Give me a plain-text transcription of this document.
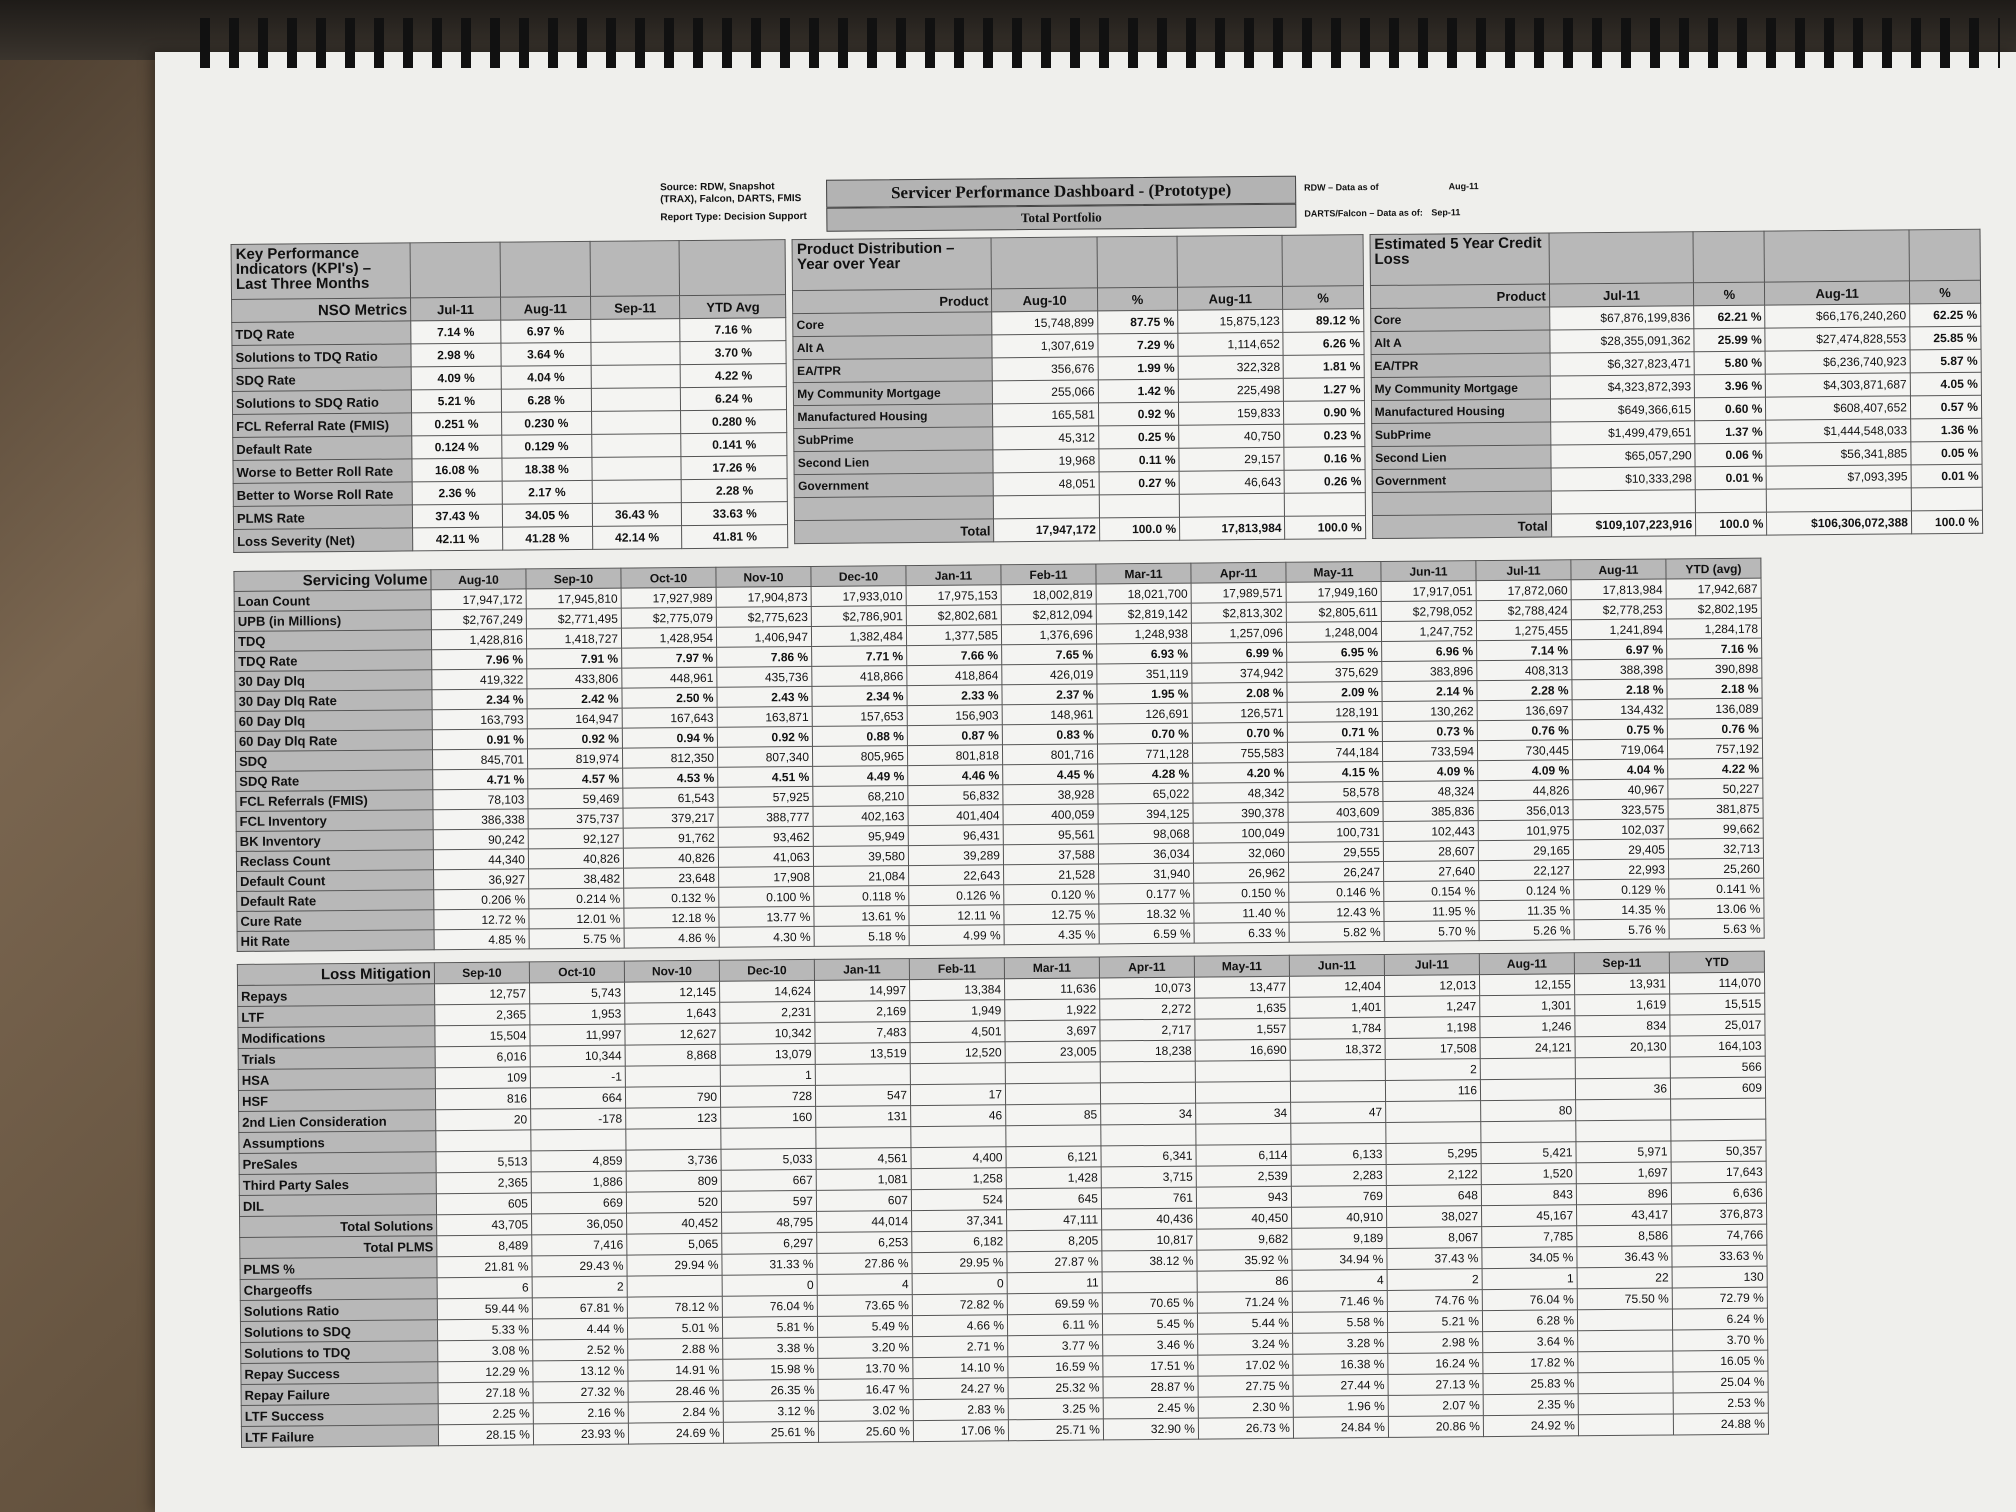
Source: RDW, Snapshot (TRAX), Falcon, DARTS, FMIS
Report Type: Decision Support
Servicer Performance Dashboard - (Prototype)
Total Portfolio
RDW – Data as of	Aug-11
DARTS/Falcon – Data as of: Sep-11
Key Performance Indicators (KPI's) – Last Three Months				
NSO Metrics	Jul-11	Aug-11	Sep-11	YTD Avg
TDQ Rate	7.14 %	6.97 %		7.16 %
Solutions to TDQ Ratio	2.98 %	3.64 %		3.70 %
SDQ Rate	4.09 %	4.04 %		4.22 %
Solutions to SDQ Ratio	5.21 %	6.28 %		6.24 %
FCL Referral Rate (FMIS)	0.251 %	0.230 %		0.280 %
Default Rate	0.124 %	0.129 %		0.141 %
Worse to Better Roll Rate	16.08 %	18.38 %		17.26 %
Better to Worse Roll Rate	2.36 %	2.17 %		2.28 %
PLMS Rate	37.43 %	34.05 %	36.43 %	33.63 %
Loss Severity (Net)	42.11 %	41.28 %	42.14 %	41.81 %
Product Distribution – Year over Year				
Product	Aug-10	%	Aug-11	%
Core	15,748,899	87.75 %	15,875,123	89.12 %
Alt A	1,307,619	7.29 %	1,114,652	6.26 %
EA/TPR	356,676	1.99 %	322,328	1.81 %
My Community Mortgage	255,066	1.42 %	225,498	1.27 %
Manufactured Housing	165,581	0.92 %	159,833	0.90 %
SubPrime	45,312	0.25 %	40,750	0.23 %
Second Lien	19,968	0.11 %	29,157	0.16 %
Government	48,051	0.27 %	46,643	0.26 %

Total	17,947,172	100.0 %	17,813,984	100.0 %
Estimated 5 Year Credit Loss				
Product	Jul-11	%	Aug-11	%
Core	$67,876,199,836	62.21 %	$66,176,240,260	62.25 %
Alt A	$28,355,091,362	25.99 %	$27,474,828,553	25.85 %
EA/TPR	$6,327,823,471	5.80 %	$6,236,740,923	5.87 %
My Community Mortgage	$4,323,872,393	3.96 %	$4,303,871,687	4.05 %
Manufactured Housing	$649,366,615	0.60 %	$608,407,652	0.57 %
SubPrime	$1,499,479,651	1.37 %	$1,444,548,033	1.36 %
Second Lien	$65,057,290	0.06 %	$56,341,885	0.05 %
Government	$10,333,298	0.01 %	$7,093,395	0.01 %

Total	$109,107,223,916	100.0 %	$106,306,072,388	100.0 %
Servicing Volume	Aug-10	Sep-10	Oct-10	Nov-10	Dec-10	Jan-11	Feb-11	Mar-11	Apr-11	May-11	Jun-11	Jul-11	Aug-11	YTD (avg)
Loan Count	17,947,172	17,945,810	17,927,989	17,904,873	17,933,010	17,975,153	18,002,819	18,021,700	17,989,571	17,949,160	17,917,051	17,872,060	17,813,984	17,942,687
UPB (in Millions)	$2,767,249	$2,771,495	$2,775,079	$2,775,623	$2,786,901	$2,802,681	$2,812,094	$2,819,142	$2,813,302	$2,805,611	$2,798,052	$2,788,424	$2,778,253	$2,802,195
TDQ	1,428,816	1,418,727	1,428,954	1,406,947	1,382,484	1,377,585	1,376,696	1,248,938	1,257,096	1,248,004	1,247,752	1,275,455	1,241,894	1,284,178
TDQ Rate	7.96 %	7.91 %	7.97 %	7.86 %	7.71 %	7.66 %	7.65 %	6.93 %	6.99 %	6.95 %	6.96 %	7.14 %	6.97 %	7.16 %
30 Day Dlq	419,322	433,806	448,961	435,736	418,866	418,864	426,019	351,119	374,942	375,629	383,896	408,313	388,398	390,898
30 Day Dlq Rate	2.34 %	2.42 %	2.50 %	2.43 %	2.34 %	2.33 %	2.37 %	1.95 %	2.08 %	2.09 %	2.14 %	2.28 %	2.18 %	2.18 %
60 Day Dlq	163,793	164,947	167,643	163,871	157,653	156,903	148,961	126,691	126,571	128,191	130,262	136,697	134,432	136,089
60 Day Dlq Rate	0.91 %	0.92 %	0.94 %	0.92 %	0.88 %	0.87 %	0.83 %	0.70 %	0.70 %	0.71 %	0.73 %	0.76 %	0.75 %	0.76 %
SDQ	845,701	819,974	812,350	807,340	805,965	801,818	801,716	771,128	755,583	744,184	733,594	730,445	719,064	757,192
SDQ Rate	4.71 %	4.57 %	4.53 %	4.51 %	4.49 %	4.46 %	4.45 %	4.28 %	4.20 %	4.15 %	4.09 %	4.09 %	4.04 %	4.22 %
FCL Referrals (FMIS)	78,103	59,469	61,543	57,925	68,210	56,832	38,928	65,022	48,342	58,578	48,324	44,826	40,967	50,227
FCL Inventory	386,338	375,737	379,217	388,777	402,163	401,404	400,059	394,125	390,378	403,609	385,836	356,013	323,575	381,875
BK Inventory	90,242	92,127	91,762	93,462	95,949	96,431	95,561	98,068	100,049	100,731	102,443	101,975	102,037	99,662
Reclass Count	44,340	40,826	40,826	41,063	39,580	39,289	37,588	36,034	32,060	29,555	28,607	29,165	29,405	32,713
Default Count	36,927	38,482	23,648	17,908	21,084	22,643	21,528	31,940	26,962	26,247	27,640	22,127	22,993	25,260
Default Rate	0.206 %	0.214 %	0.132 %	0.100 %	0.118 %	0.126 %	0.120 %	0.177 %	0.150 %	0.146 %	0.154 %	0.124 %	0.129 %	0.141 %
Cure Rate	12.72 %	12.01 %	12.18 %	13.77 %	13.61 %	12.11 %	12.75 %	18.32 %	11.40 %	12.43 %	11.95 %	11.35 %	14.35 %	13.06 %
Hit Rate	4.85 %	5.75 %	4.86 %	4.30 %	5.18 %	4.99 %	4.35 %	6.59 %	6.33 %	5.82 %	5.70 %	5.26 %	5.76 %	5.63 %
Loss Mitigation	Sep-10	Oct-10	Nov-10	Dec-10	Jan-11	Feb-11	Mar-11	Apr-11	May-11	Jun-11	Jul-11	Aug-11	Sep-11	YTD
Repays	12,757	5,743	12,145	14,624	14,997	13,384	11,636	10,073	13,477	12,404	12,013	12,155	13,931	114,070
LTF	2,365	1,953	1,643	2,231	2,169	1,949	1,922	2,272	1,635	1,401	1,247	1,301	1,619	15,515
Modifications	15,504	11,997	12,627	10,342	7,483	4,501	3,697	2,717	1,557	1,784	1,198	1,246	834	25,017
Trials	6,016	10,344	8,868	13,079	13,519	12,520	23,005	18,238	16,690	18,372	17,508	24,121	20,130	164,103
HSA	109	-1		1							2			566
HSF	816	664	790	728	547	17					116		36	609
2nd Lien Consideration	20	-178	123	160	131	46	85	34	34	47		80		
Assumptions														
PreSales	5,513	4,859	3,736	5,033	4,561	4,400	6,121	6,341	6,114	6,133	5,295	5,421	5,971	50,357
Third Party Sales	2,365	1,886	809	667	1,081	1,258	1,428	3,715	2,539	2,283	2,122	1,520	1,697	17,643
DIL	605	669	520	597	607	524	645	761	943	769	648	843	896	6,636
Total Solutions	43,705	36,050	40,452	48,795	44,014	37,341	47,111	40,436	40,450	40,910	38,027	45,167	43,417	376,873
Total PLMS	8,489	7,416	5,065	6,297	6,253	6,182	8,205	10,817	9,682	9,189	8,067	7,785	8,586	74,766
PLMS %	21.81 %	29.43 %	29.94 %	31.33 %	27.86 %	29.95 %	27.87 %	38.12 %	35.92 %	34.94 %	37.43 %	34.05 %	36.43 %	33.63 %
Chargeoffs	6	2		0	4	0	11		86	4	2	1	22	130
Solutions Ratio	59.44 %	67.81 %	78.12 %	76.04 %	73.65 %	72.82 %	69.59 %	70.65 %	71.24 %	71.46 %	74.76 %	76.04 %	75.50 %	72.79 %
Solutions to SDQ	5.33 %	4.44 %	5.01 %	5.81 %	5.49 %	4.66 %	6.11 %	5.45 %	5.44 %	5.58 %	5.21 %	6.28 %		6.24 %
Solutions to TDQ	3.08 %	2.52 %	2.88 %	3.38 %	3.20 %	2.71 %	3.77 %	3.46 %	3.24 %	3.28 %	2.98 %	3.64 %		3.70 %
Repay Success	12.29 %	13.12 %	14.91 %	15.98 %	13.70 %	14.10 %	16.59 %	17.51 %	17.02 %	16.38 %	16.24 %	17.82 %		16.05 %
Repay Failure	27.18 %	27.32 %	28.46 %	26.35 %	16.47 %	24.27 %	25.32 %	28.87 %	27.75 %	27.44 %	27.13 %	25.83 %		25.04 %
LTF Success	2.25 %	2.16 %	2.84 %	3.12 %	3.02 %	2.83 %	3.25 %	2.45 %	2.30 %	1.96 %	2.07 %	2.35 %		2.53 %
LTF Failure	28.15 %	23.93 %	24.69 %	25.61 %	25.60 %	17.06 %	25.71 %	32.90 %	26.73 %	24.84 %	20.86 %	24.92 %		24.88 %
